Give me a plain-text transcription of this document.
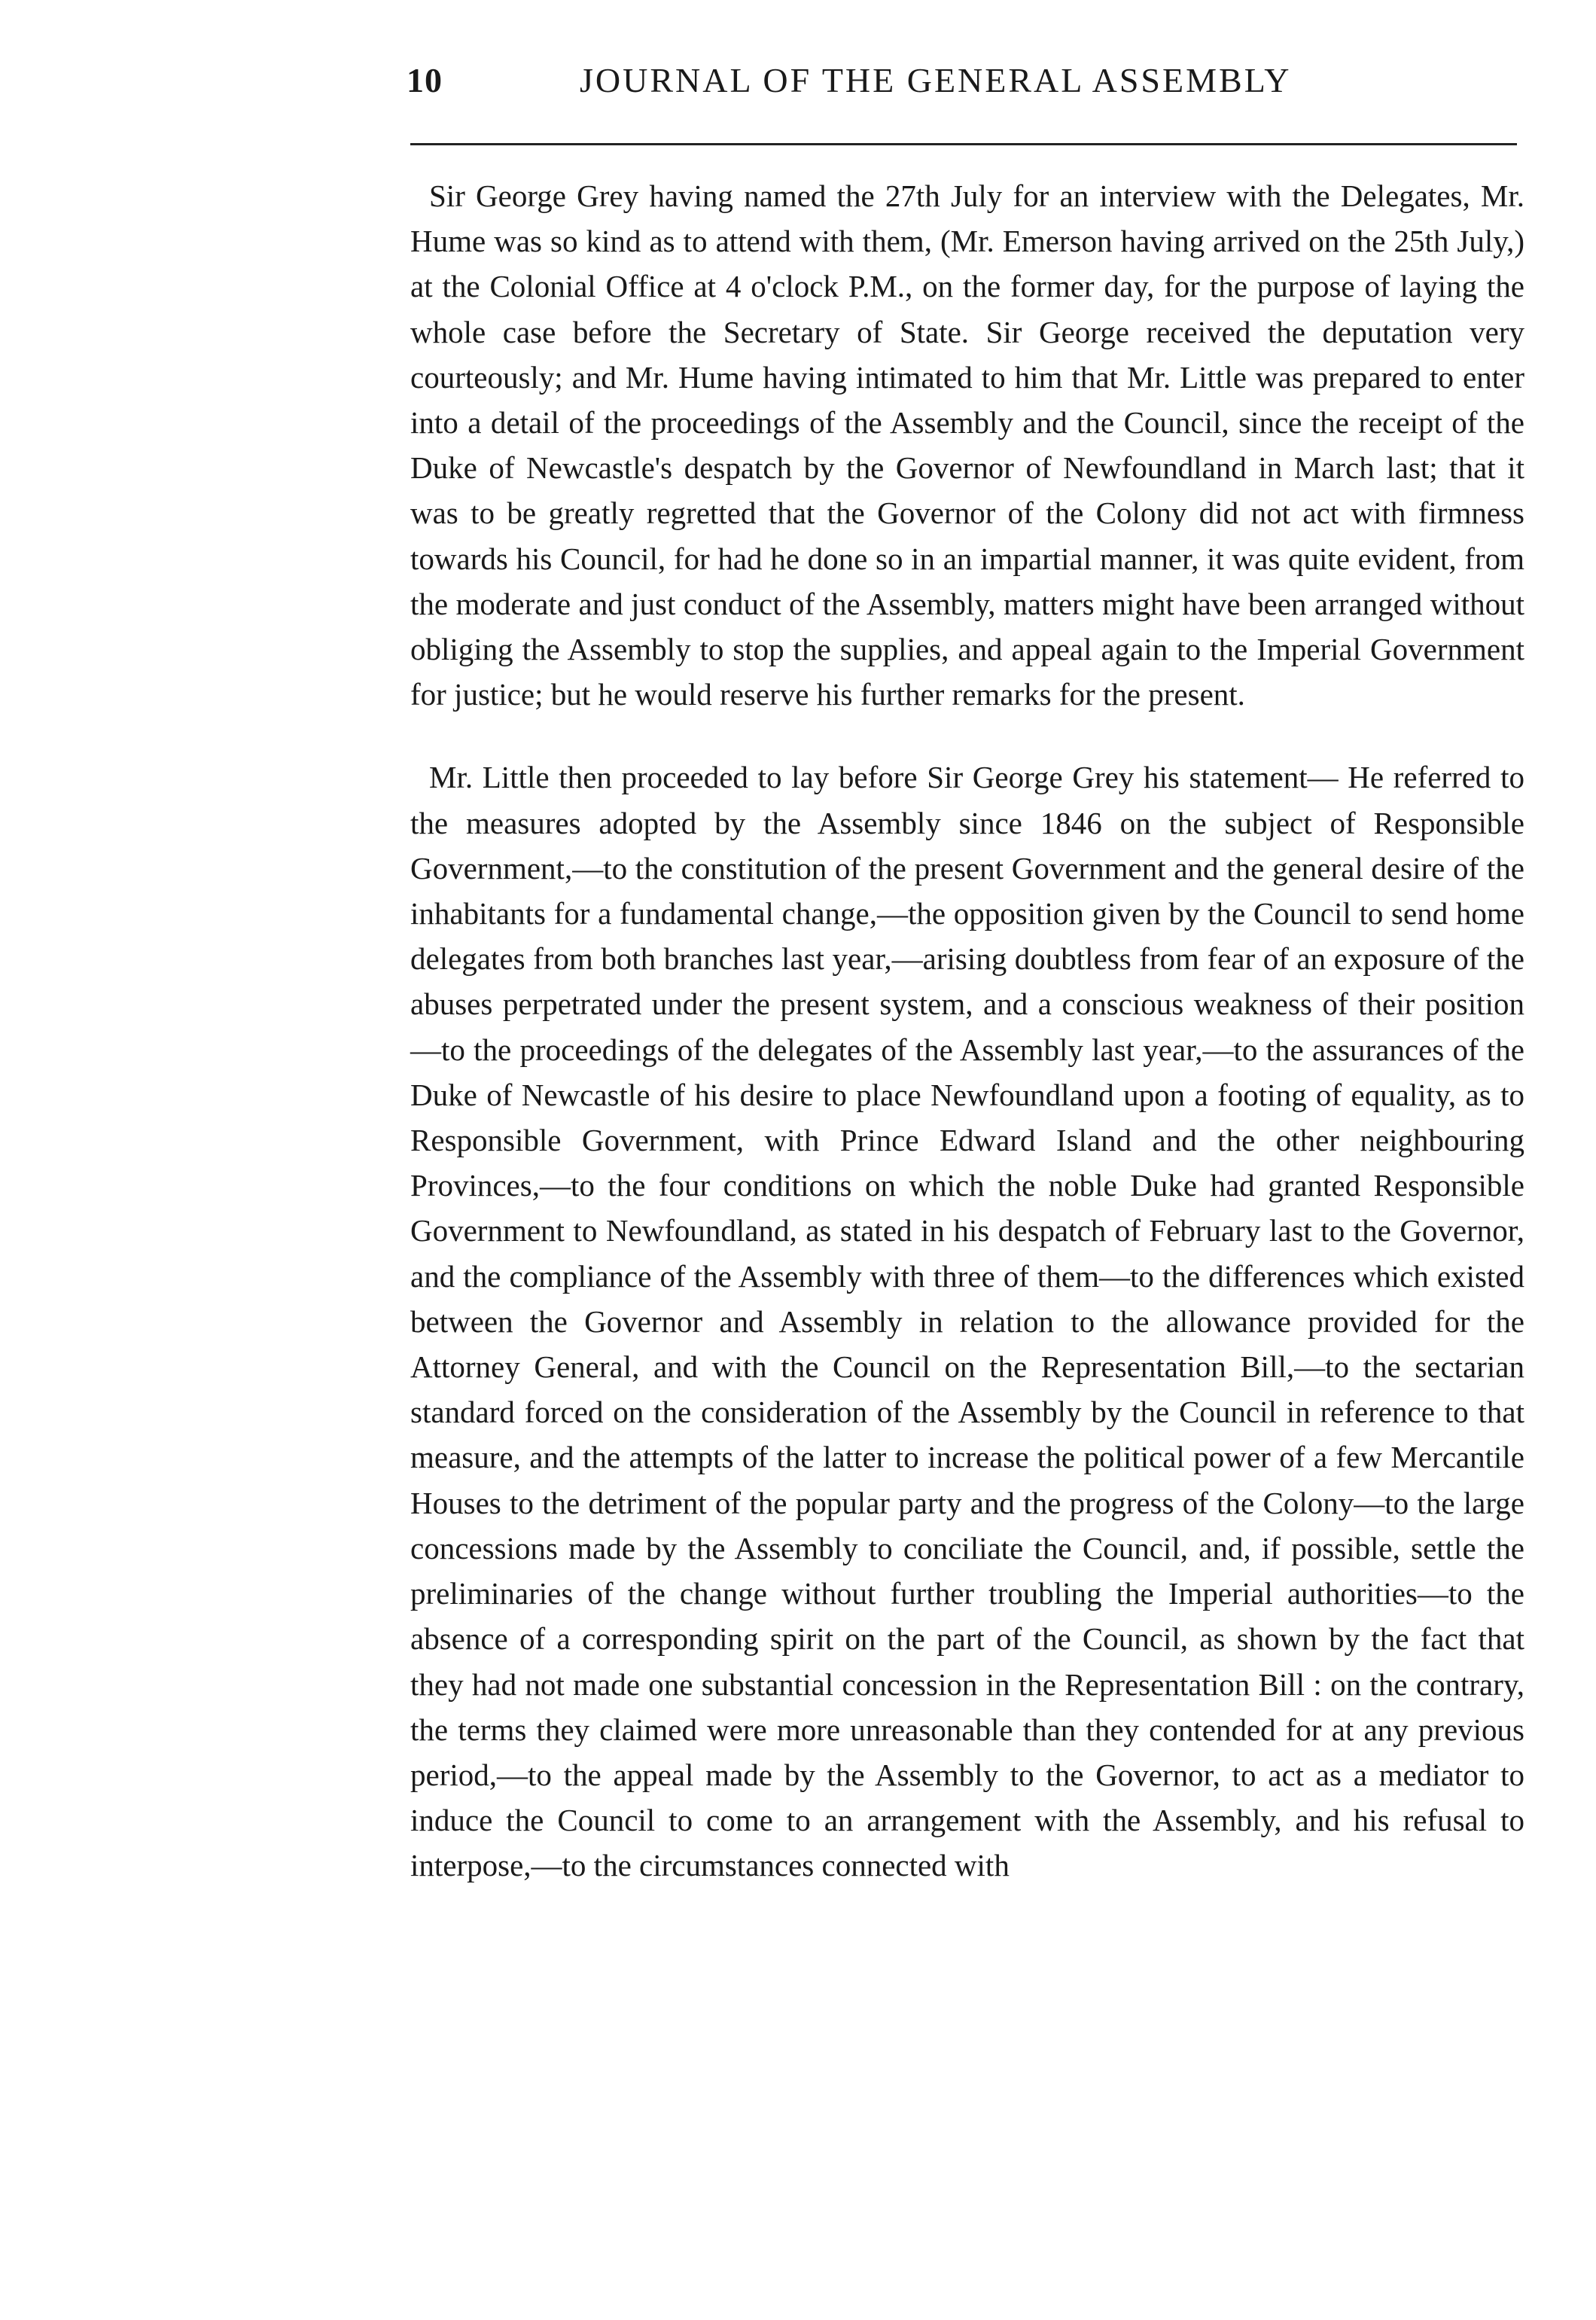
10	JOURNAL OF THE GENERAL ASSEMBLY

Sir George Grey having named the 27th July for an interview with the Delegates, Mr. Hume was so kind as to attend with them, (Mr. Emerson having arrived on the 25th July,) at the Colonial Office at 4 o'clock P.M., on the former day, for the purpose of laying the whole case before the Secretary of State. Sir George received the deputation very courteously; and Mr. Hume having intimated to him that Mr. Little was prepared to enter into a detail of the proceedings of the Assembly and the Council, since the receipt of the Duke of Newcastle's despatch by the Governor of Newfoundland in March last; that it was to be greatly regretted that the Governor of the Colony did not act with firmness towards his Council, for had he done so in an impartial manner, it was quite evident, from the moderate and just conduct of the Assembly, matters might have been arranged without obliging the Assembly to stop the supplies, and appeal again to the Imperial Government for justice; but he would reserve his further remarks for the present.

Mr. Little then proceeded to lay before Sir George Grey his statement— He referred to the measures adopted by the Assembly since 1846 on the subject of Responsible Government,—to the constitution of the present Government and the general desire of the inhabitants for a fundamental change,—the opposition given by the Council to send home delegates from both branches last year,—arising doubtless from fear of an exposure of the abuses perpetrated under the present system, and a conscious weakness of their position—to the proceedings of the delegates of the Assembly last year,—to the assurances of the Duke of Newcastle of his desire to place Newfoundland upon a footing of equality, as to Responsible Government, with Prince Edward Island and the other neighbouring Provinces,—to the four conditions on which the noble Duke had granted Responsible Government to Newfoundland, as stated in his despatch of February last to the Governor, and the compliance of the Assembly with three of them—to the differences which existed between the Governor and Assembly in relation to the allowance provided for the Attorney General, and with the Council on the Representation Bill,—to the sectarian standard forced on the consideration of the Assembly by the Council in reference to that measure, and the attempts of the latter to increase the political power of a few Mercantile Houses to the detriment of the popular party and the progress of the Colony—to the large concessions made by the Assembly to conciliate the Council, and, if possible, settle the preliminaries of the change without further troubling the Imperial authorities—to the absence of a corresponding spirit on the part of the Council, as shown by the fact that they had not made one substantial concession in the Representation Bill : on the contrary, the terms they claimed were more unreasonable than they contended for at any previous period,—to the appeal made by the Assembly to the Governor, to act as a mediator to induce the Council to come to an arrangement with the Assembly, and his refusal to interpose,—to the circumstances connected with
